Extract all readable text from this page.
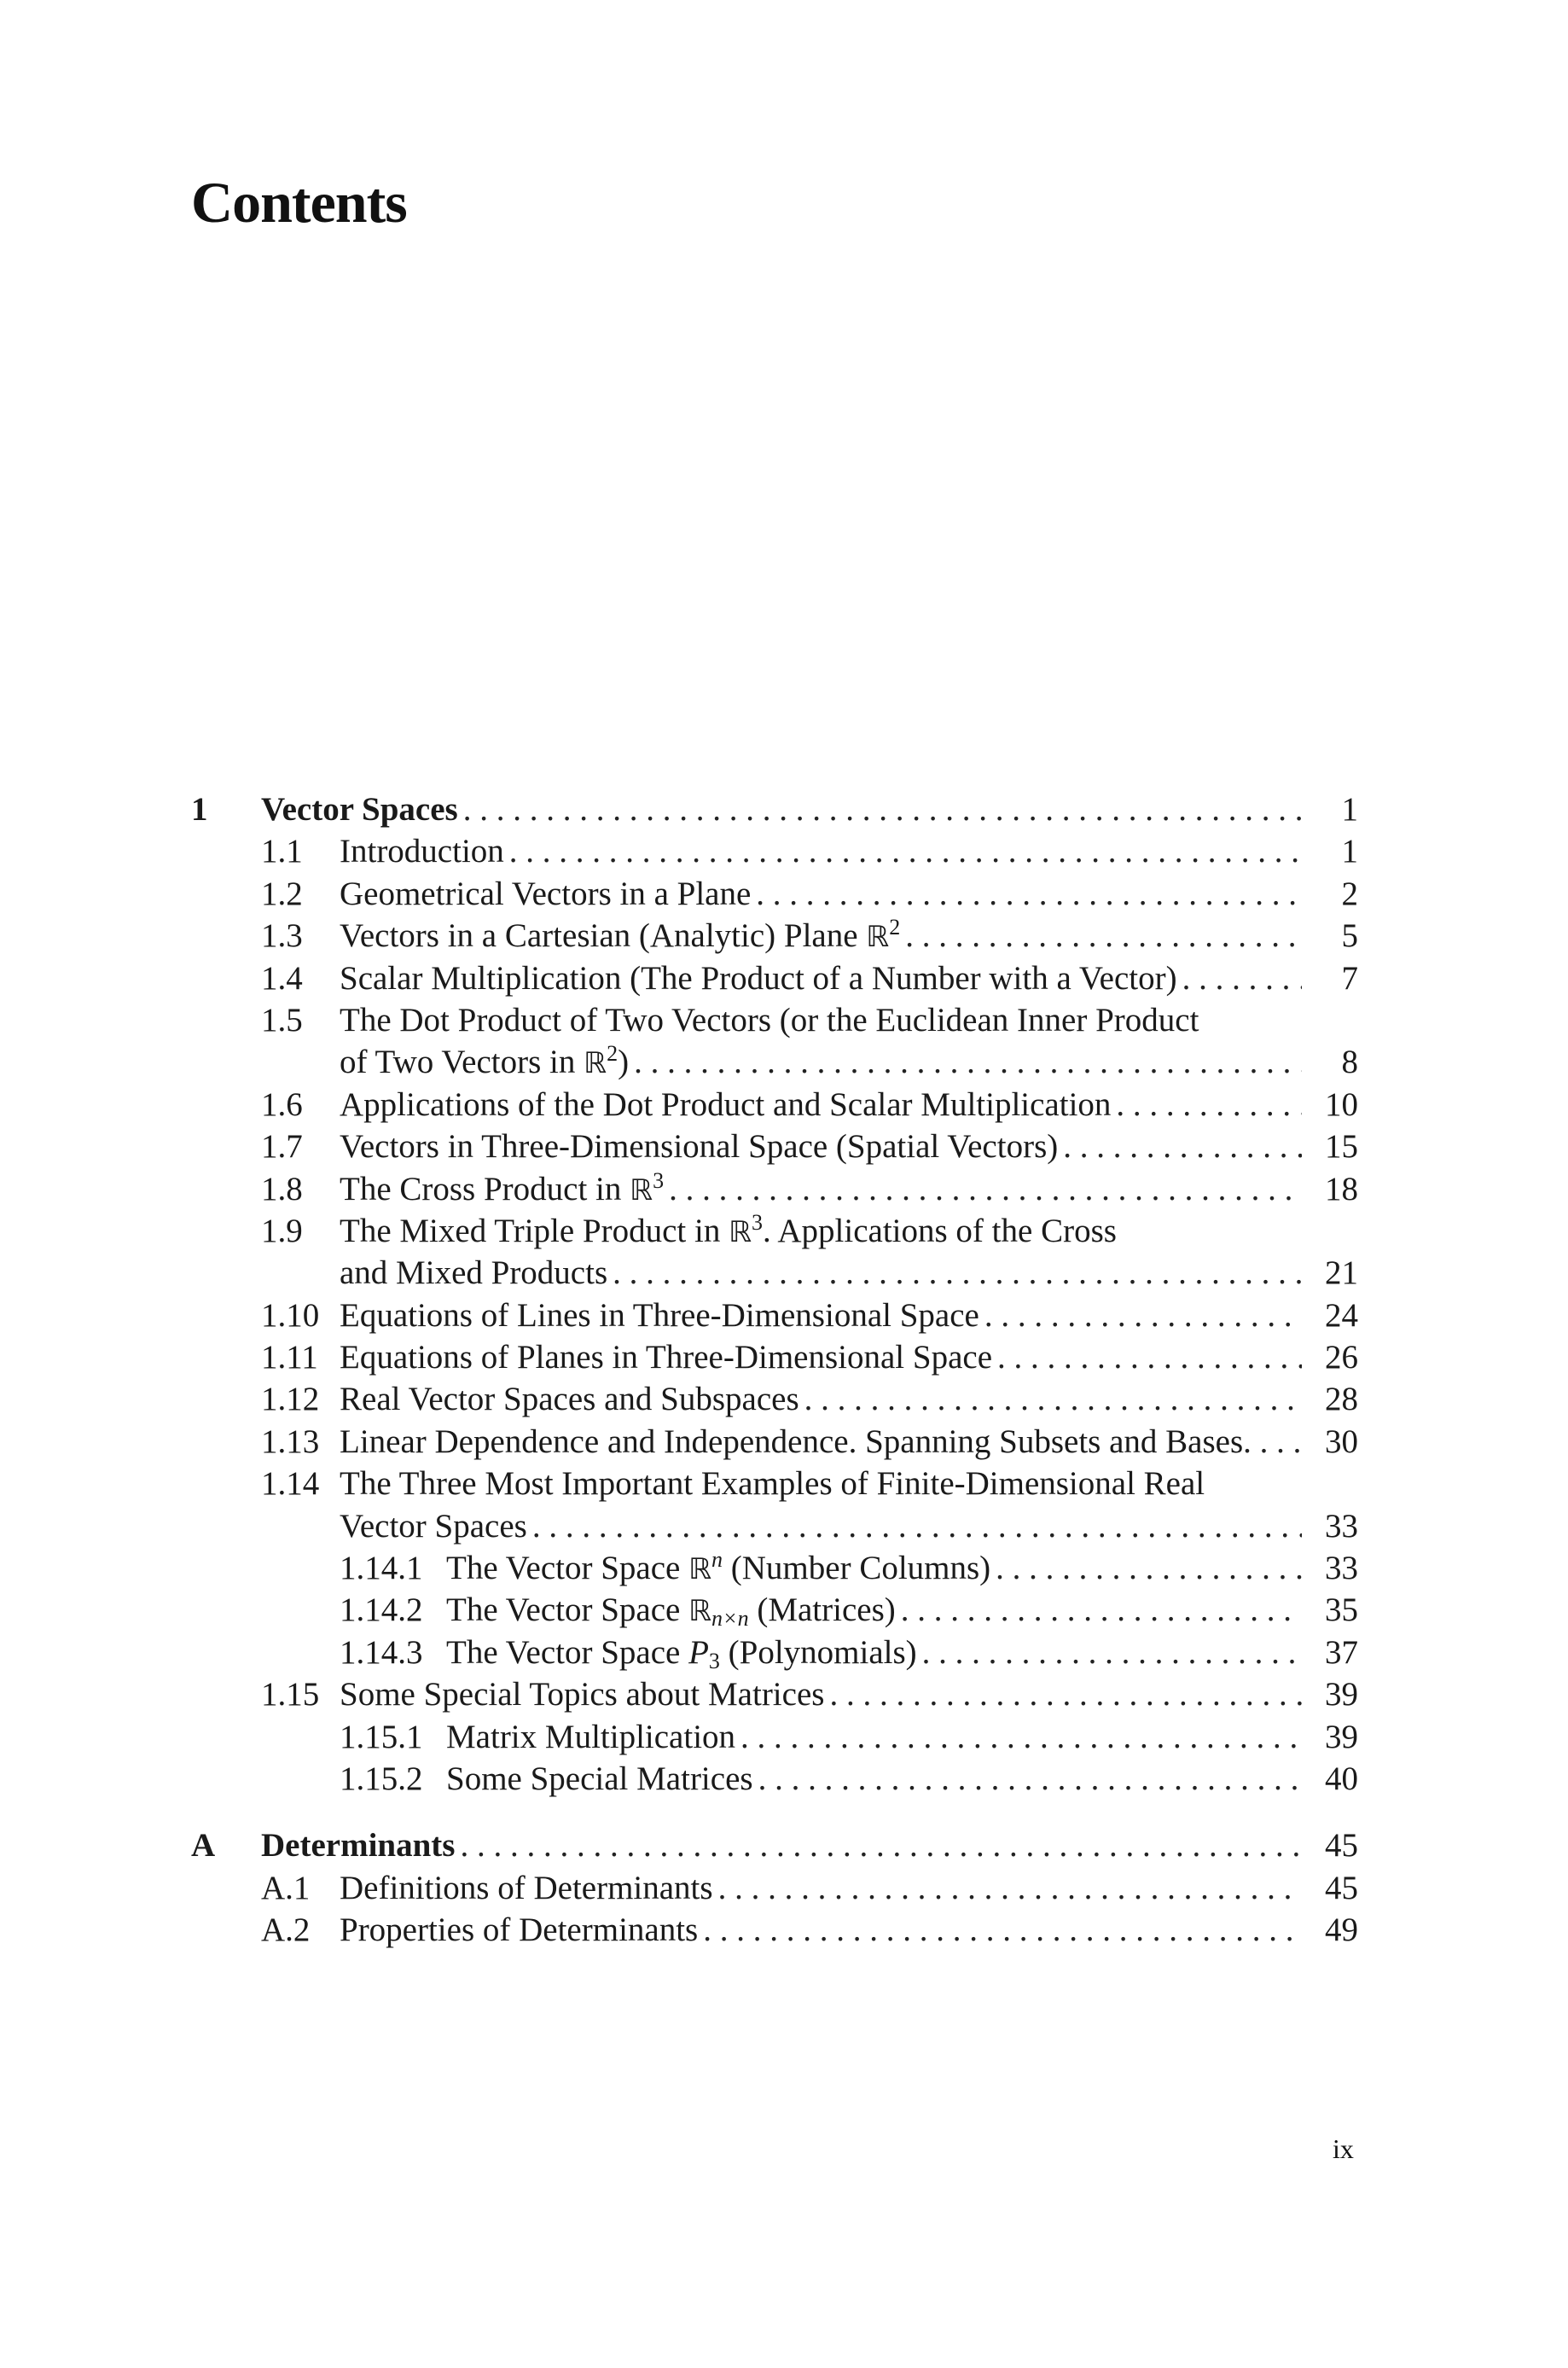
Contents
1 Vector Spaces . . .	1
1.1 Introduction . . .	1
1.2 Geometrical Vectors in a Plane . . .	2
1.3 Vectors in a Cartesian (Analytic) Plane ℝ$^2$ . . .	5
1.4 Scalar Multiplication (The Product of a Number with a Vector) . . .	7
1.5 The Dot Product of Two Vectors (or the Euclidean Inner Product
of Two Vectors in ℝ$^2$) . . .	8
1.6 Applications of the Dot Product and Scalar Multiplication . . .	10
1.7 Vectors in Three-Dimensional Space (Spatial Vectors) . . .	15
1.8 The Cross Product in ℝ$^3$ . . .	18
1.9 The Mixed Triple Product in ℝ$^3$. Applications of the Cross
and Mixed Products . . .	21
1.10 Equations of Lines in Three-Dimensional Space . . .	24
1.11 Equations of Planes in Three-Dimensional Space . . .	26
1.12 Real Vector Spaces and Subspaces . . .	28
1.13 Linear Dependence and Independence. Spanning Subsets and Bases . . .	30
1.14 The Three Most Important Examples of Finite-Dimensional Real
Vector Spaces . . .	33
1.14.1 The Vector Space ℝ$^n$ (Number Columns) . . .	33
1.14.2 The Vector Space ℝ$_{n\times n}$ (Matrices) . . .	35
1.14.3 The Vector Space $P_3$ (Polynomials) . . .	37
1.15 Some Special Topics about Matrices . . .	39
1.15.1 Matrix Multiplication . . .	39
1.15.2 Some Special Matrices . . .	40
A Determinants . . .	45
A.1 Definitions of Determinants . . .	45
A.2 Properties of Determinants . . .	49
ix
